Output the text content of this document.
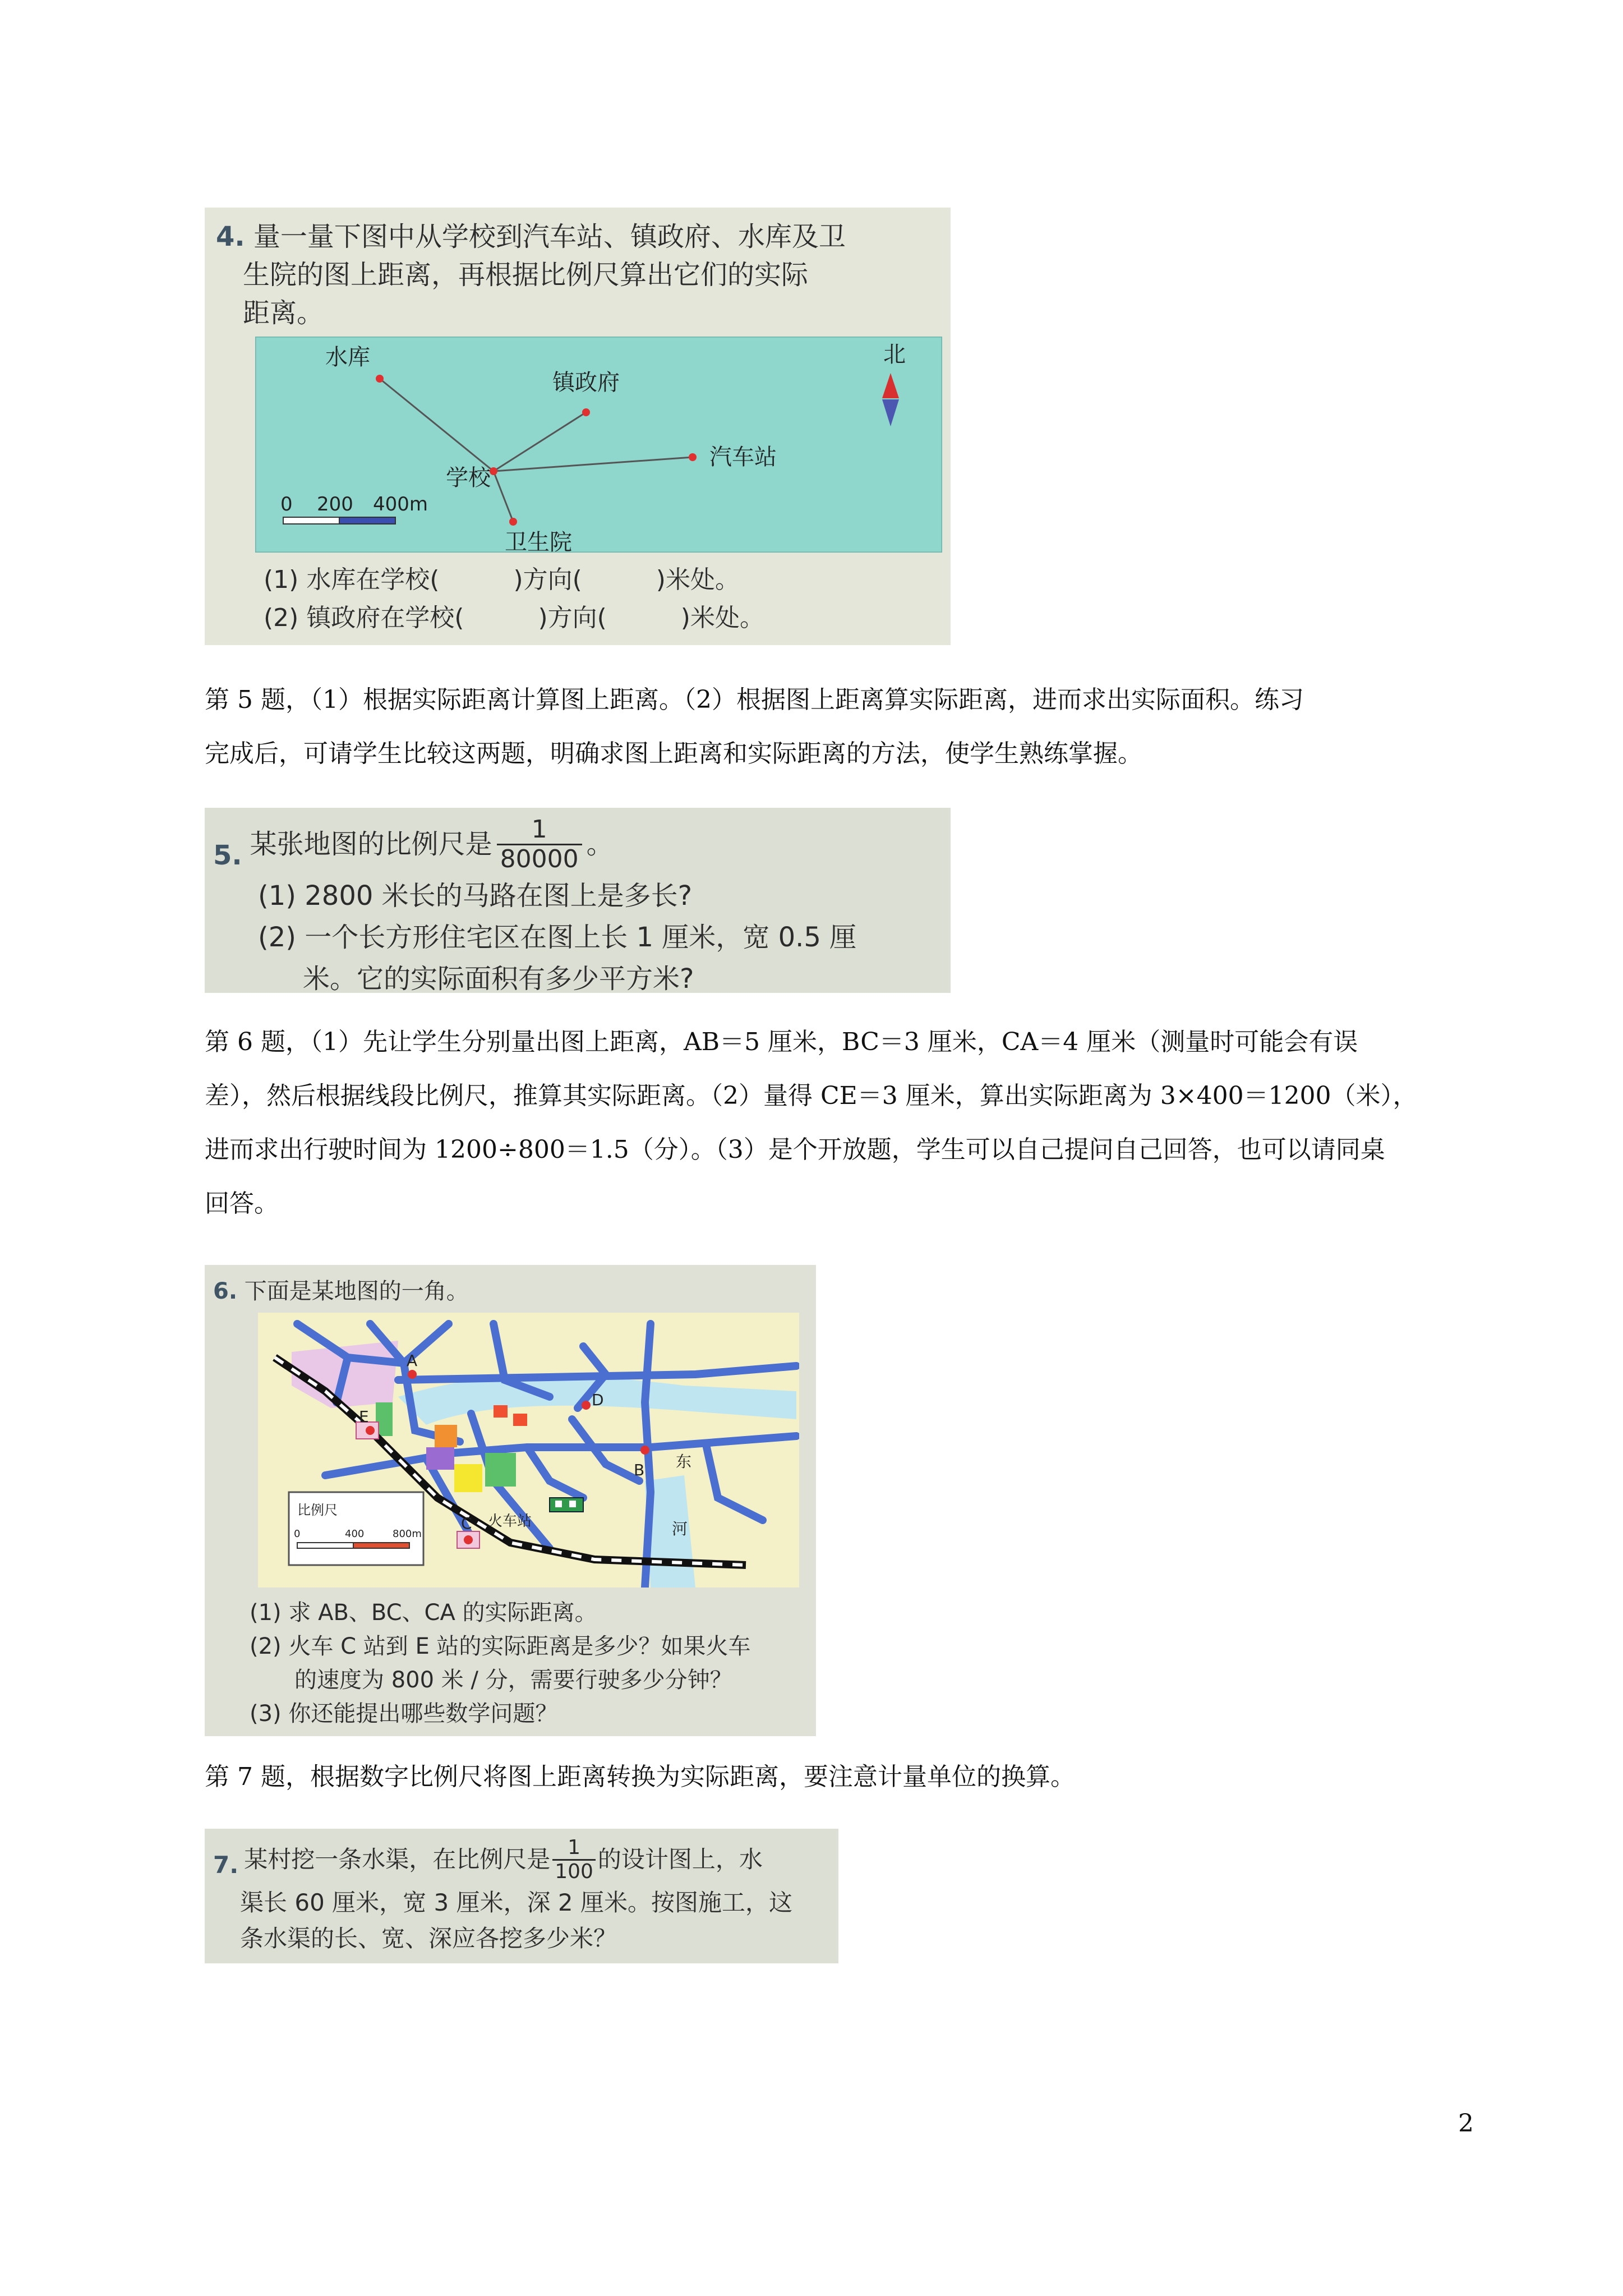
4. 量一量下图中从学校到汽车站、镇政府、水库及卫
生院的图上距离，再根据比例尺算出它们的实际
距离。
水库
镇政府
学校
汽车站
卫生院
北
0 200 400m
(1) 水库在学校(　　　)方向(　　　)米处。
(2) 镇政府在学校(　　　)方向(　　　)米处。
第 5 题，（1）根据实际距离计算图上距离。（2）根据图上距离算实际距离，进而求出实际面积。练习
完成后，可请学生比较这两题，明确求图上距离和实际距离的方法，使学生熟练掌握。
5. 某张地图的比例尺是 $\frac{1}{80000}$ 。
(1) 2800 米长的马路在图上是多长?
(2) 一个长方形住宅区在图上长 1 厘米，宽 0.5 厘
米。它的实际面积有多少平方米?
第 6 题，（1）先让学生分别量出图上距离，AB＝5 厘米，BC＝3 厘米，CA＝4 厘米（测量时可能会有误
差），然后根据线段比例尺，推算其实际距离。（2）量得 CE＝3 厘米，算出实际距离为 3×400＝1200（米），
进而求出行驶时间为 1200÷800＝1.5（分）。（3）是个开放题，学生可以自己提问自己回答，也可以请同桌
回答。
6. 下面是某地图的一角。
A
B
C
D
E
东
河
火车站
比例尺
0	400	800m
(1) 求 AB、BC、CA 的实际距离。
(2) 火车 C 站到 E 站的实际距离是多少？如果火车
的速度为 800 米 / 分，需要行驶多少分钟？
(3) 你还能提出哪些数学问题？
第 7 题，根据数字比例尺将图上距离转换为实际距离，要注意计量单位的换算。
7. 某村挖一条水渠，在比例尺是 $\frac{1}{100}$ 的设计图上，水
渠长 60 厘米，宽 3 厘米，深 2 厘米。按图施工，这
条水渠的长、宽、深应各挖多少米？
2
